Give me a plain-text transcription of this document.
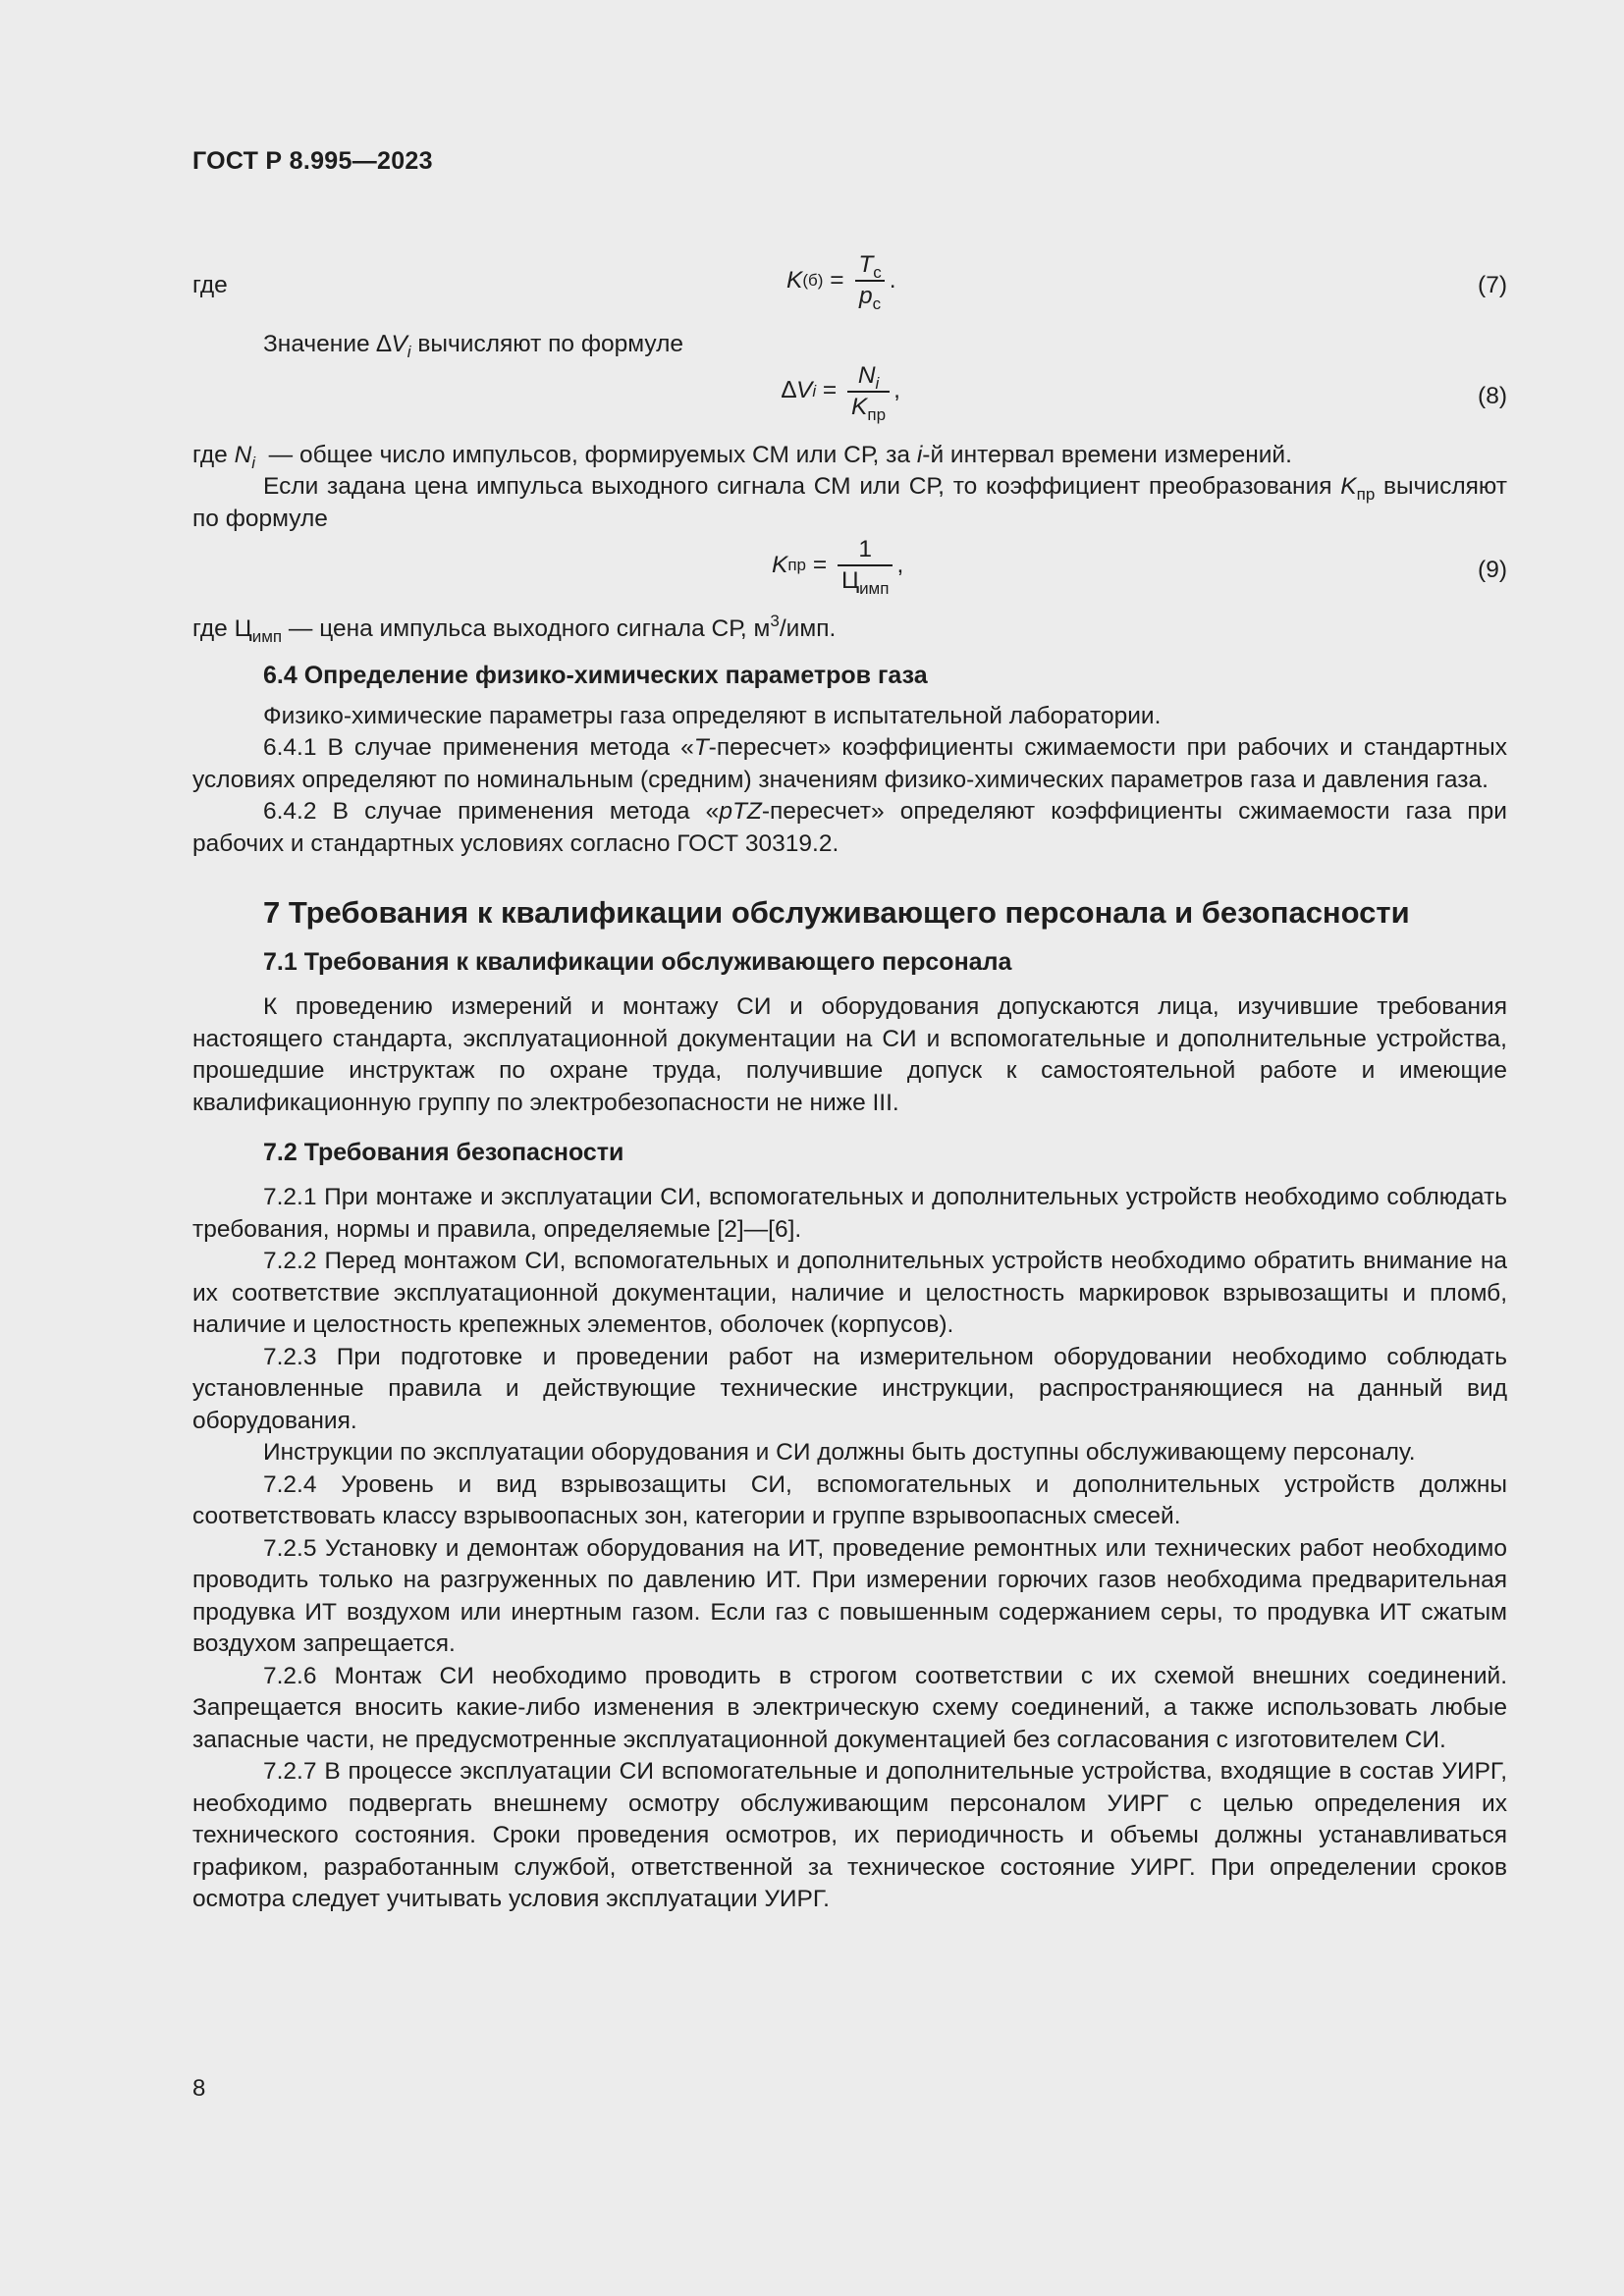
ГОСТ Р 8.995—2023
где	K $(б) = \frac{T_с}{p_с}$ .	(7)

Значение $\Delta V_i$ вычисляют по формуле

∆ V $i = \frac{N_i}{K_{пр}}$ ,	(8)

где $N_i$  — общее число импульсов, формируемых СМ или СР, за i-й интервал времени измерений.

Если задана цена импульса выходного сигнала СМ или СР, то коэффициент преобразования $K_{пр}$ вычисляют по формуле

K пр = $\frac{1}{Ц_{имп}}$ ,	(9)

где $Ц_{имп}$ — цена импульса выходного сигнала СР, $м^3$/имп.

6.4 Определение физико-химических параметров газа

Физико-химические параметры газа определяют в испытательной лаборатории.

6.4.1 В случае применения метода «T-пересчет» коэффициенты сжимаемости при рабочих и стандартных условиях определяют по номинальным (средним) значениям физико-химических параметров газа и давления газа.

6.4.2 В случае применения метода «pTZ-пересчет» определяют коэффициенты сжимаемости газа при рабочих и стандартных условиях согласно ГОСТ 30319.2.

7 Требования к квалификации обслуживающего персонала и безопасности
7.1 Требования к квалификации обслуживающего персонала

К проведению измерений и монтажу СИ и оборудования допускаются лица, изучившие требования настоящего стандарта, эксплуатационной документации на СИ и вспомогательные и дополнительные устройства, прошедшие инструктаж по охране труда, получившие допуск к самостоятельной работе и имеющие квалификационную группу по электробезопасности не ниже III.

7.2 Требования безопасности

7.2.1 При монтаже и эксплуатации СИ, вспомогательных и дополнительных устройств необходимо соблюдать требования, нормы и правила, определяемые [2]—[6].

7.2.2 Перед монтажом СИ, вспомогательных и дополнительных устройств необходимо обратить внимание на их соответствие эксплуатационной документации, наличие и целостность маркировок взрывозащиты и пломб, наличие и целостность крепежных элементов, оболочек (корпусов).

7.2.3 При подготовке и проведении работ на измерительном оборудовании необходимо соблюдать установленные правила и действующие технические инструкции, распространяющиеся на данный вид оборудования.

Инструкции по эксплуатации оборудования и СИ должны быть доступны обслуживающему персоналу.

7.2.4 Уровень и вид взрывозащиты СИ, вспомогательных и дополнительных устройств должны соответствовать классу взрывоопасных зон, категории и группе взрывоопасных смесей.

7.2.5 Установку и демонтаж оборудования на ИТ, проведение ремонтных или технических работ необходимо проводить только на разгруженных по давлению ИТ. При измерении горючих газов необходима предварительная продувка ИТ воздухом или инертным газом. Если газ с повышенным содержанием серы, то продувка ИТ сжатым воздухом запрещается.

7.2.6 Монтаж СИ необходимо проводить в строгом соответствии с их схемой внешних соединений. Запрещается вносить какие-либо изменения в электрическую схему соединений, а также использовать любые запасные части, не предусмотренные эксплуатационной документацией без согласования с изготовителем СИ.

7.2.7 В процессе эксплуатации СИ вспомогательные и дополнительные устройства, входящие в состав УИРГ, необходимо подвергать внешнему осмотру обслуживающим персоналом УИРГ с целью определения их технического состояния. Сроки проведения осмотров, их периодичность и объемы должны устанавливаться графиком, разработанным службой, ответственной за техническое состояние УИРГ. При определении сроков осмотра следует учитывать условия эксплуатации УИРГ.

8
